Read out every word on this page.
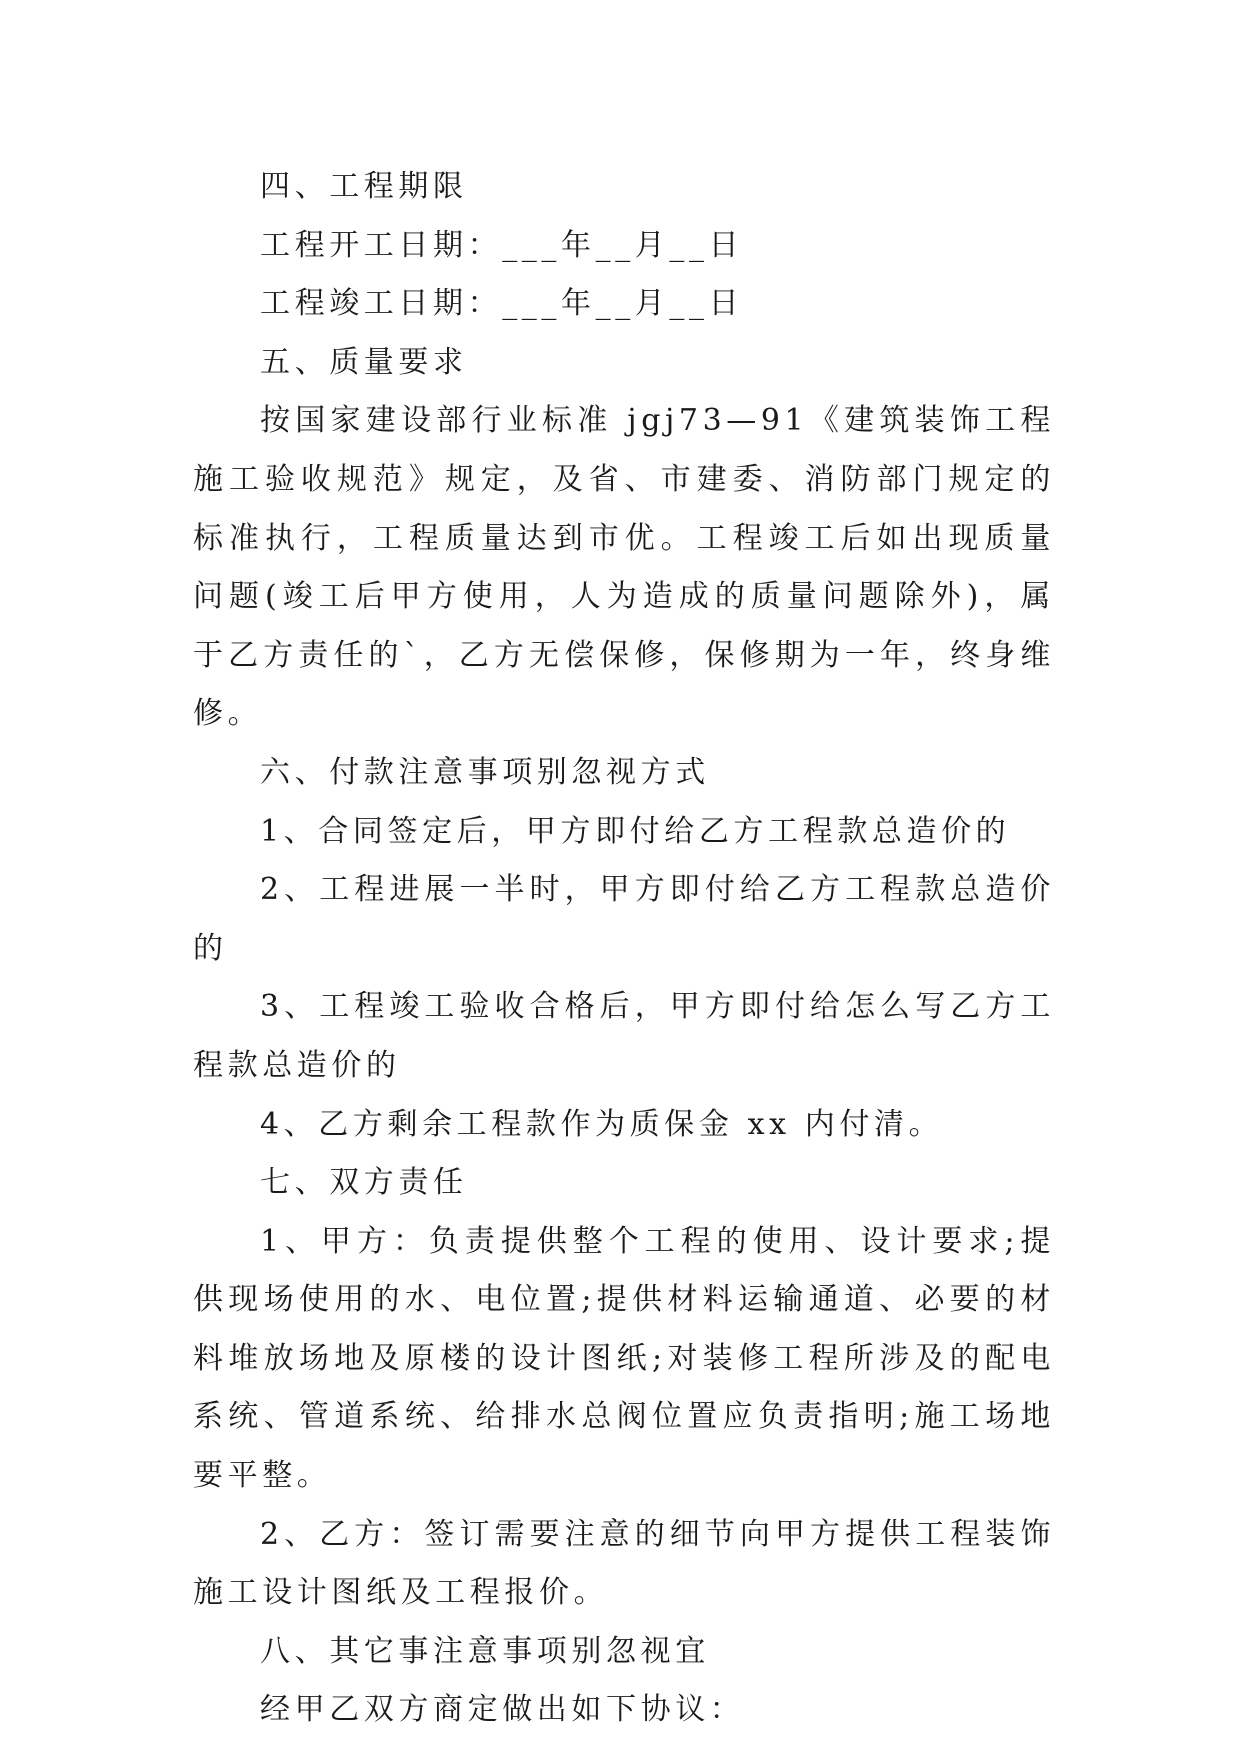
四、工程期限

工程开工日期：___年__月__日

工程竣工日期：___年__月__日

五、质量要求

按国家建设部行业标准 jgj73—91《建筑装饰工程施工验收规范》规定，及省、市建委、消防部门规定的标准执行，工程质量达到市优。工程竣工后如出现质量问题(竣工后甲方使用，人为造成的质量问题除外)，属于乙方责任的`，乙方无偿保修，保修期为一年，终身维修。

六、付款注意事项别忽视方式

1、合同签定后，甲方即付给乙方工程款总造价的

2、工程进展一半时，甲方即付给乙方工程款总造价的

3、工程竣工验收合格后，甲方即付给怎么写乙方工程款总造价的

4、乙方剩余工程款作为质保金 xx 内付清。

七、双方责任

1、甲方：负责提供整个工程的使用、设计要求;提供现场使用的水、电位置;提供材料运输通道、必要的材料堆放场地及原楼的设计图纸;对装修工程所涉及的配电系统、管道系统、给排水总阀位置应负责指明;施工场地要平整。

2、乙方：签订需要注意的细节向甲方提供工程装饰施工设计图纸及工程报价。

八、其它事注意事项别忽视宜

经甲乙双方商定做出如下协议：
